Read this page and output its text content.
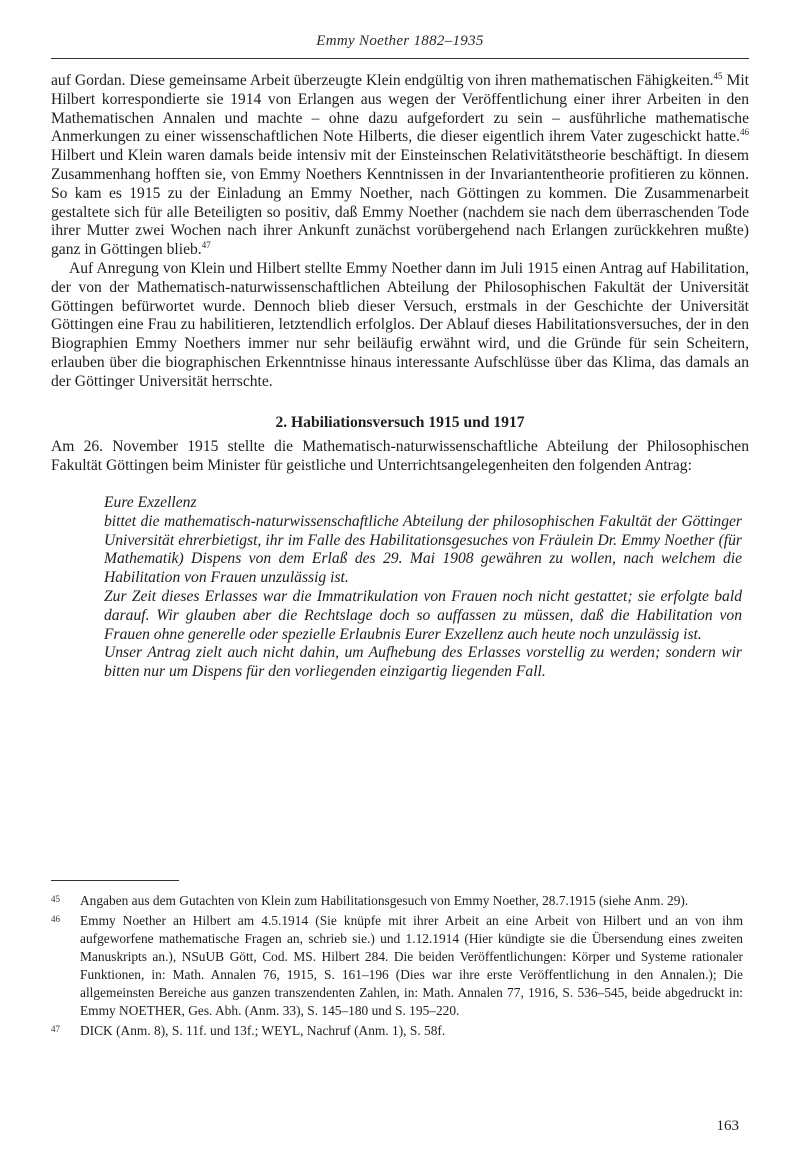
Emmy Noether 1882–1935

auf Gordan. Diese gemeinsame Arbeit überzeugte Klein endgültig von ihren mathematischen Fähigkeiten.$^{45}$ Mit Hilbert korrespondierte sie 1914 von Erlangen aus wegen der Veröffentlichung einer ihrer Arbeiten in den Mathematischen Annalen und machte – ohne dazu aufgefordert zu sein – ausführliche mathematische Anmerkungen zu einer wissenschaftlichen Note Hilberts, die dieser eigentlich ihrem Vater zugeschickt hatte.$^{46}$ Hilbert und Klein waren damals beide intensiv mit der Einsteinschen Relativitätstheorie beschäftigt. In diesem Zusammenhang hofften sie, von Emmy Noethers Kenntnissen in der Invariantentheorie profitieren zu können. So kam es 1915 zu der Einladung an Emmy Noether, nach Göttingen zu kommen. Die Zusammenarbeit gestaltete sich für alle Beteiligten so positiv, daß Emmy Noether (nachdem sie nach dem überraschenden Tode ihrer Mutter zwei Wochen nach ihrer Ankunft zunächst vorübergehend nach Erlangen zurückkehren mußte) ganz in Göttingen blieb.$^{47}$

Auf Anregung von Klein und Hilbert stellte Emmy Noether dann im Juli 1915 einen Antrag auf Habilitation, der von der Mathematisch-naturwissenschaftlichen Abteilung der Philosophischen Fakultät der Universität Göttingen befürwortet wurde. Dennoch blieb dieser Versuch, erstmals in der Geschichte der Universität Göttingen eine Frau zu habilitieren, letztendlich erfolglos. Der Ablauf dieses Habilitationsversuches, der in den Biographien Emmy Noethers immer nur sehr beiläufig erwähnt wird, und die Gründe für sein Scheitern, erlauben über die biographischen Erkenntnisse hinaus interessante Aufschlüsse über das Klima, das damals an der Göttinger Universität herrschte.

2. Habiliationsversuch 1915 und 1917

Am 26. November 1915 stellte die Mathematisch-naturwissenschaftliche Abteilung der Philosophischen Fakultät Göttingen beim Minister für geistliche und Unterrichtsangelegenheiten den folgenden Antrag:

Eure Exzellenz

bittet die mathematisch-naturwissenschaftliche Abteilung der philosophischen Fakultät der Göttinger Universität ehrerbietigst, ihr im Falle des Habilitationsgesuches von Fräulein Dr. Emmy Noether (für Mathematik) Dispens von dem Erlaß des 29. Mai 1908 gewähren zu wollen, nach welchem die Habilitation von Frauen unzulässig ist.

Zur Zeit dieses Erlasses war die Immatrikulation von Frauen noch nicht gestattet; sie erfolgte bald darauf. Wir glauben aber die Rechtslage doch so auffassen zu müssen, daß die Habilitation von Frauen ohne generelle oder spezielle Erlaubnis Eurer Exzellenz auch heute noch unzulässig ist.

Unser Antrag zielt auch nicht dahin, um Aufhebung des Erlasses vorstellig zu werden; sondern wir bitten nur um Dispens für den vorliegenden einzigartig liegenden Fall.

45 Angaben aus dem Gutachten von Klein zum Habilitationsgesuch von Emmy Noether, 28.7.1915 (siehe Anm. 29).
46 Emmy Noether an Hilbert am 4.5.1914 (Sie knüpfe mit ihrer Arbeit an eine Arbeit von Hilbert und an von ihm aufgeworfene mathematische Fragen an, schrieb sie.) und 1.12.1914 (Hier kündigte sie die Übersendung eines zweiten Manuskripts an.), NSuUB Gött, Cod. MS. Hilbert 284. Die beiden Veröffentlichungen: Körper und Systeme rationaler Funktionen, in: Math. Annalen 76, 1915, S. 161–196 (Dies war ihre erste Veröffentlichung in den Annalen.); Die allgemeinsten Bereiche aus ganzen transzendenten Zahlen, in: Math. Annalen 77, 1916, S. 536–545, beide abgedruckt in: Emmy NOETHER, Ges. Abh. (Anm. 33), S. 145–180 und S. 195–220.
47 DICK (Anm. 8), S. 11f. und 13f.; WEYL, Nachruf (Anm. 1), S. 58f.
163
